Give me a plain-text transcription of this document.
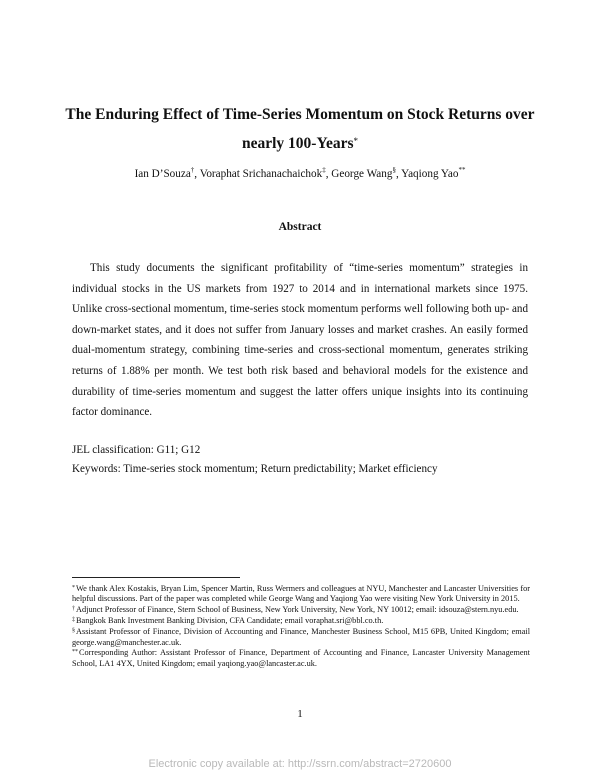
The Enduring Effect of Time-Series Momentum on Stock Returns over
nearly 100-Years*
Ian D’Souza†, Voraphat Srichanachaichok‡, George Wang§, Yaqiong Yao**
Abstract

This study documents the significant profitability of “time-series momentum” strategies in individual stocks in the US markets from 1927 to 2014 and in international markets since 1975. Unlike cross-sectional momentum, time-series stock momentum performs well following both up- and down-market states, and it does not suffer from January losses and market crashes. An easily formed dual-momentum strategy, combining time-series and cross-sectional momentum, generates striking returns of 1.88% per month. We test both risk based and behavioral models for the existence and durability of time-series momentum and suggest the latter offers unique insights into its continuing factor dominance.

JEL classification: G11; G12
Keywords: Time-series stock momentum; Return predictability; Market efficiency

*We thank Alex Kostakis, Bryan Lim, Spencer Martin, Russ Wermers and colleagues at NYU, Manchester and Lancaster Universities for helpful discussions. Part of the paper was completed while George Wang and Yaqiong Yao were visiting New York University in 2015.

†Adjunct Professor of Finance, Stern School of Business, New York University, New York, NY 10012; email: idsouza@stern.nyu.edu.

‡Bangkok Bank Investment Banking Division, CFA Candidate; email voraphat.sri@bbl.co.th.

§Assistant Professor of Finance, Division of Accounting and Finance, Manchester Business School, M15 6PB, United Kingdom; email george.wang@manchester.ac.uk.

**Corresponding Author: Assistant Professor of Finance, Department of Accounting and Finance, Lancaster University Management School, LA1 4YX, United Kingdom; email yaqiong.yao@lancaster.ac.uk.

1
Electronic copy available at: http://ssrn.com/abstract=2720600
